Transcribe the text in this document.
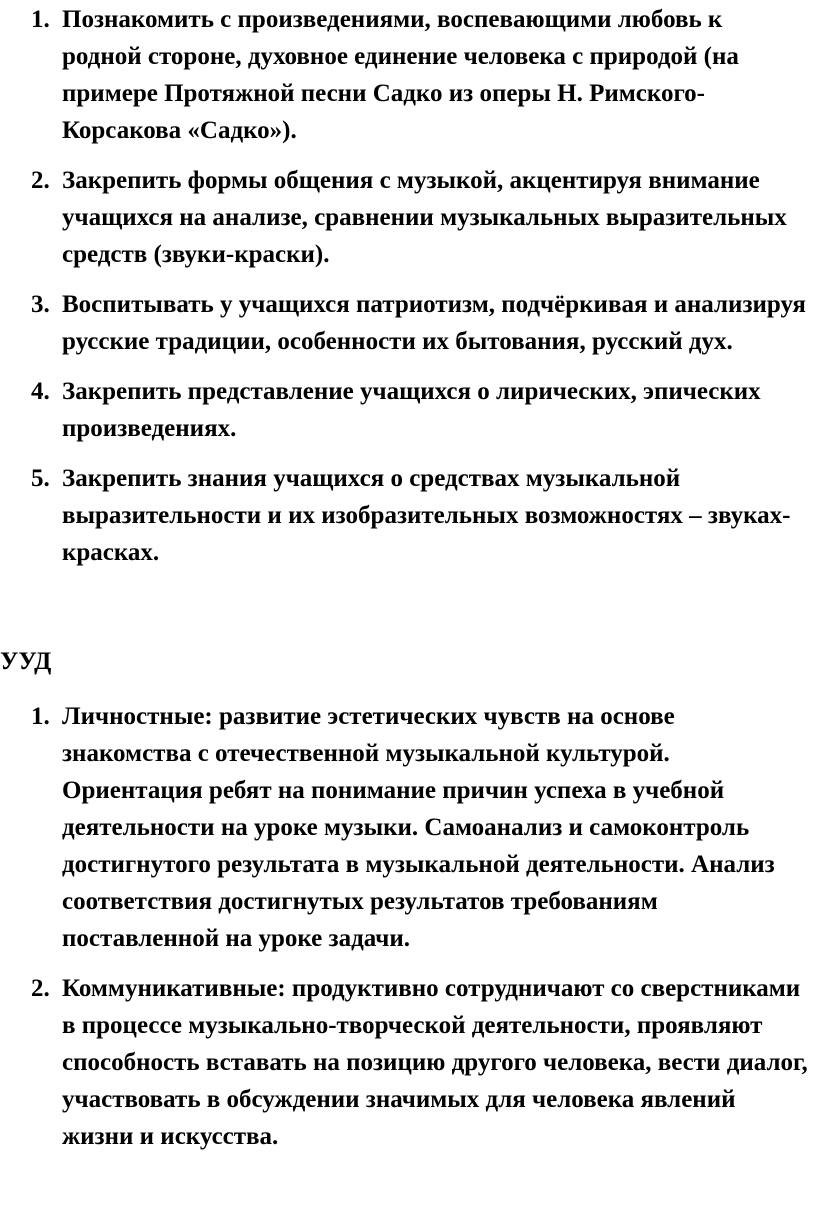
1. Познакомить с произведениями, воспевающими любовь к родной стороне, духовное единение человека с природой (на примере Протяжной песни Садко из оперы Н. Римского-Корсакова «Садко»).
2. Закрепить формы общения с музыкой, акцентируя внимание учащихся на анализе, сравнении музыкальных выразительных средств (звуки-краски).
3. Воспитывать у учащихся патриотизм, подчёркивая и анализируя русские традиции, особенности их бытования, русский дух.
4. Закрепить представление учащихся о лирических, эпических произведениях.
5. Закрепить знания учащихся о средствах музыкальной выразительности и их изобразительных возможностях – звуках-красках.
УУД
1. Личностные: развитие эстетических чувств на основе знакомства с отечественной музыкальной культурой. Ориентация ребят на понимание причин успеха в учебной деятельности на уроке музыки. Самоанализ и самоконтроль достигнутого результата в музыкальной деятельности. Анализ соответствия достигнутых результатов требованиям поставленной на уроке задачи.
2. Коммуникативные: продуктивно сотрудничают со сверстниками в процессе музыкально-творческой деятельности, проявляют способность вставать на позицию другого человека, вести диалог, участвовать в обсуждении значимых для человека явлений жизни и искусства.
